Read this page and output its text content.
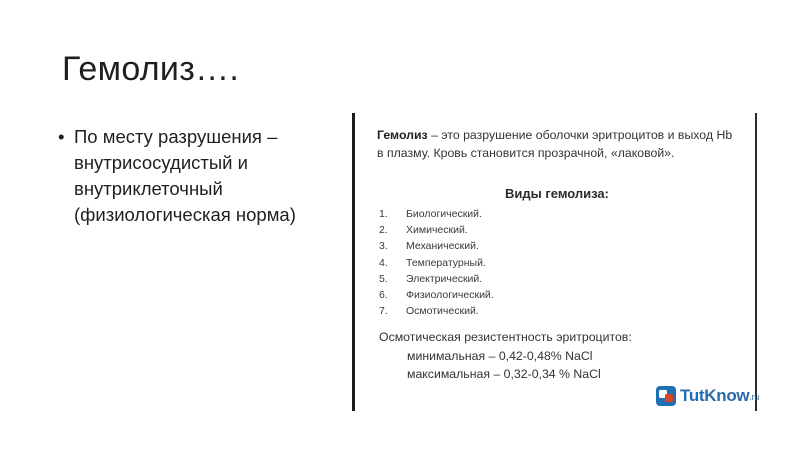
Гемолиз….
• По месту разрушения –
внутрисосудистый и
внутриклеточный
(физиологическая норма)
Гемолиз – это разрушение оболочки эритроцитов и выход Hb в плазму. Кровь становится прозрачной, «лаковой».
Виды гемолиза:
1. Биологический.
2. Химический.
3. Механический.
4. Температурный.
5. Электрический.
6. Физиологический.
7. Осмотический.
Осмотическая резистентность эритроцитов:
минимальная – 0,42-0,48% NaCl
максимальная – 0,32-0,34 % NaCl
TutKnow.ru
